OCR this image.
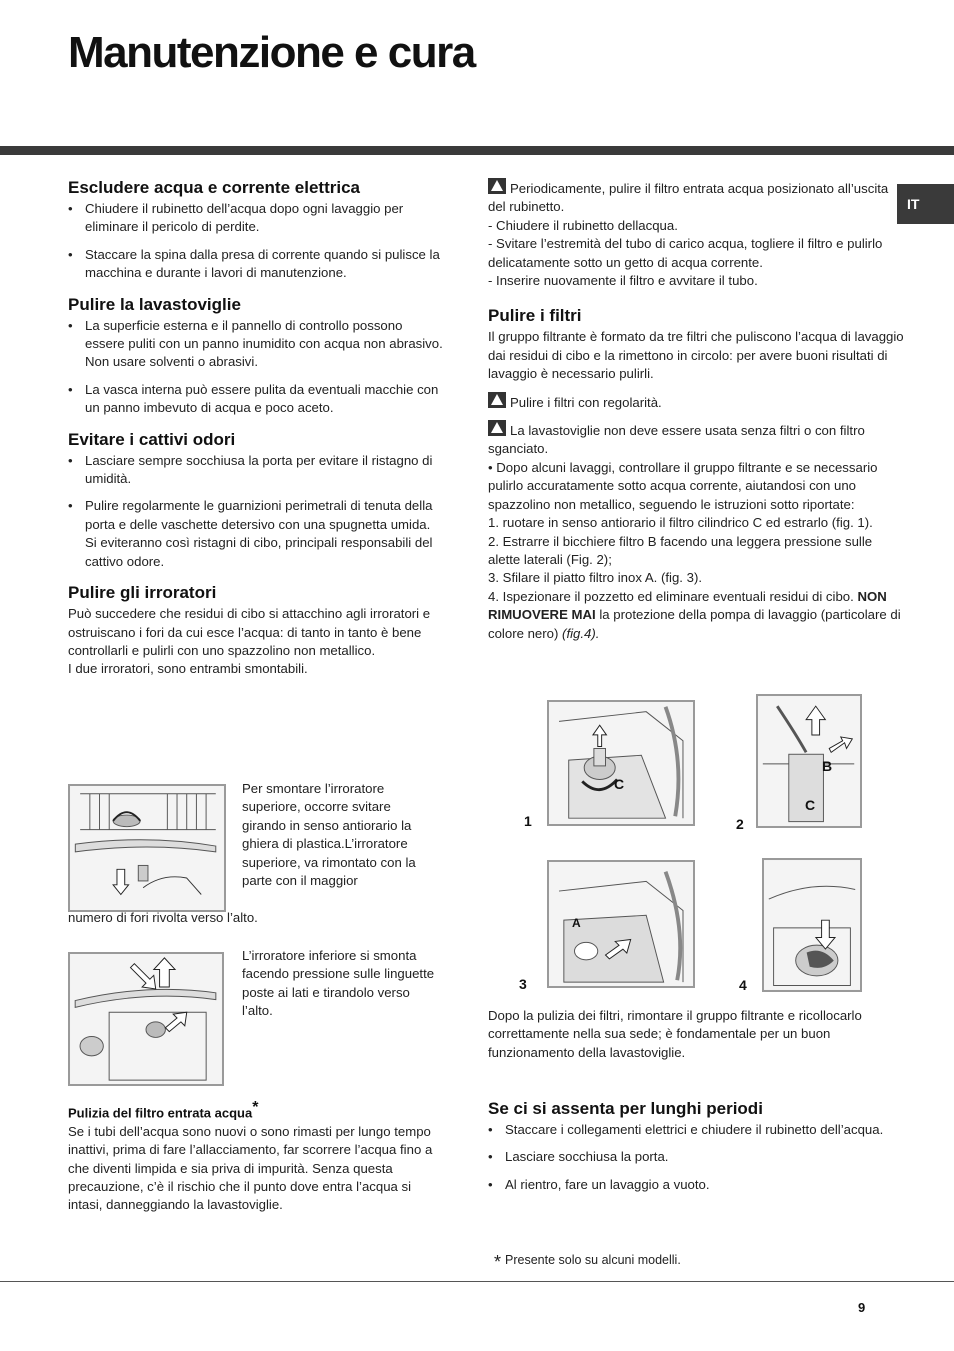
Manutenzione e cura
IT
Escludere acqua e corrente elettrica
• Chiudere il rubinetto dell’acqua dopo ogni lavaggio per eliminare il pericolo di perdite.
• Staccare la spina dalla presa di corrente quando si pulisce la macchina e durante i lavori di manutenzione.
Pulire la lavastoviglie
• La superficie esterna e il pannello di controllo possono essere puliti con un panno inumidito con acqua non abrasivo. Non usare solventi o abrasivi.
• La vasca interna può essere pulita da eventuali macchie con un panno imbevuto di acqua e poco aceto.
Evitare i cattivi odori
• Lasciare sempre socchiusa la porta per evitare il ristagno di umidità.
• Pulire regolarmente le guarnizioni perimetrali di tenuta della porta e delle vaschette detersivo con una spugnetta umida. Si eviteranno così ristagni di cibo, principali responsabili del cattivo odore.
Pulire gli irroratori

Può succedere che residui di cibo si attacchino agli irroratori e ostruiscano i fori da cui esce l’acqua: di tanto in tanto è bene controllarli e pulirli con uno spazzolino non metallico.

I due irroratori, sono entrambi smontabili.

Per smontare l’irroratore superiore, occorre svitare girando in senso antiorario la ghiera di plastica.L’irroratore superiore, va rimontato con la parte con il maggior
numero di fori rivolta verso l’alto.
L’irroratore inferiore si smonta facendo pressione sulle linguette poste ai lati e tirandolo verso l’alto.
Pulizia del filtro entrata acqua*

Se i tubi dell’acqua sono nuovi o sono rimasti per lungo tempo inattivi, prima di fare l’allacciamento, far scorrere l’acqua fino a che diventi limpida e sia priva di impurità. Senza questa precauzione, c’è il rischio che il punto dove entra l’acqua si intasi, danneggiando la lavastoviglie.

Periodicamente, pulire il filtro entrata acqua posizionato all’uscita del rubinetto.

- Chiudere il rubinetto dellacqua.

- Svitare l’estremità del tubo di carico acqua, togliere il filtro e pulirlo delicatamente sotto un getto di acqua corrente.

- Inserire nuovamente il filtro e avvitare il tubo.

Pulire i filtri

Il gruppo filtrante è formato da tre filtri che puliscono l’acqua di lavaggio dai residui di cibo e la rimettono in circolo: per avere buoni risultati di lavaggio è necessario pulirli.

Pulire i filtri con regolarità.

La lavastoviglie non deve essere usata senza filtri o con filtro sganciato.

• Dopo alcuni lavaggi, controllare il gruppo filtrante e se necessario pulirlo accuratamente sotto acqua corrente, aiutandosi con uno spazzolino non metallico, seguendo le istruzioni sotto riportate:

1. ruotare in senso antiorario il filtro cilindrico C ed estrarlo (fig. 1).

2. Estrarre il bicchiere filtro B facendo una leggera pressione sulle alette laterali (Fig. 2);

3. Sfilare il piatto filtro inox A. (fig. 3).

4. Ispezionare il pozzetto ed eliminare eventuali residui di cibo. NON RIMUOVERE MAI la protezione della pompa di lavaggio (particolare di colore nero) (fig.4).

C
1
B
C
2
A
3	4
Dopo la pulizia dei filtri, rimontare il gruppo filtrante e ricollocarlo correttamente nella sua sede; è fondamentale per un buon funzionamento della lavastoviglie.
Se ci si assenta per lunghi periodi
• Staccare i collegamenti elettrici e chiudere il rubinetto dell’acqua.
• Lasciare socchiusa la porta.
• Al rientro, fare un lavaggio a vuoto.
* Presente solo su alcuni modelli.
9
